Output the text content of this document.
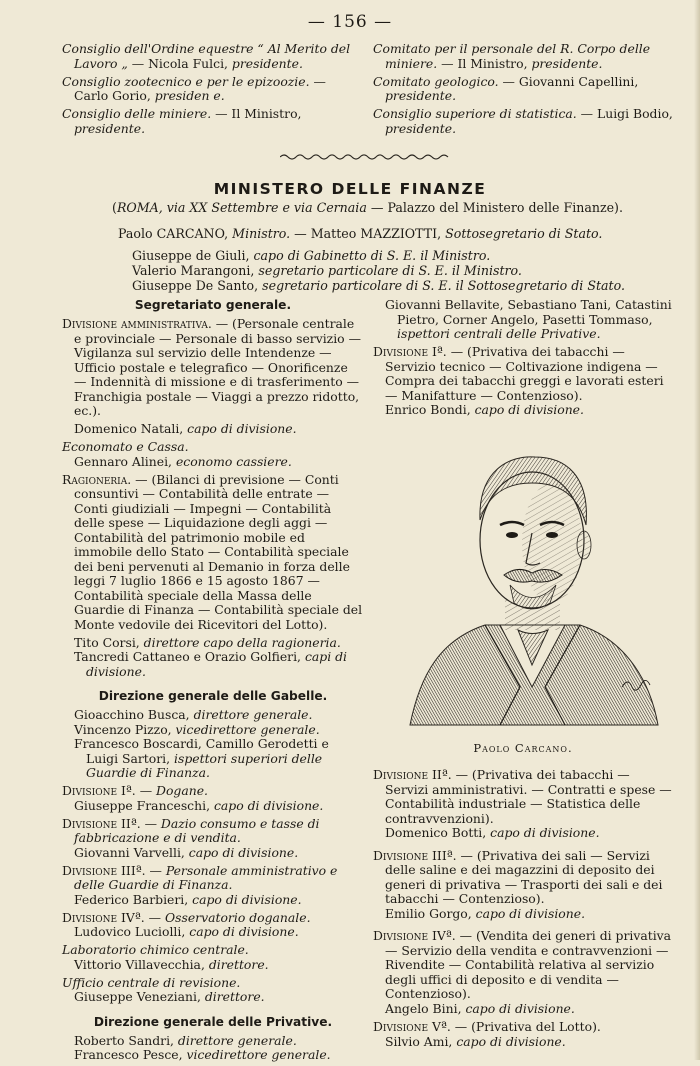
— 156 —

Consiglio dell'Ordine equestre “ Al Merito del Lavoro „ — Nicola Fulci, presidente.

Consiglio zootecnico e per le epizoozie. — Carlo Gorio, presiden e.

Consiglio delle miniere. — Il Ministro, presidente.

Comitato per il personale del R. Corpo delle miniere. — Il Ministro, presidente.

Comitato geologico. — Giovanni Capellini, presidente.

Consiglio superiore di statistica. — Luigi Bodio, presidente.

MINISTERO DELLE FINANZE
(ROMA, via XX Settembre e via Cernaia — Palazzo del Ministero delle Finanze).
Paolo CARCANO, Ministro. — Matteo MAZZIOTTI, Sottosegretario di Stato.
Giuseppe de Giuli, capo di Gabinetto di S. E. il Ministro.
Valerio Marangoni, segretario particolare di S. E. il Ministro.
Giuseppe De Santo, segretario particolare di S. E. il Sottosegretario di Stato.
Segretariato generale.

Divisione amministrativa. — (Personale centrale e provinciale — Personale di basso servizio — Vigilanza sul servizio delle Intendenze — Ufficio postale e telegrafico — Onorificenze — Indennità di missione e di trasferimento — Franchigia postale — Viaggi a prezzo ridotto, ec.).

Domenico Natali, capo di divisione.

Economato e Cassa.

Gennaro Alinei, economo cassiere.

Ragioneria. — (Bilanci di previsione — Conti consuntivi — Contabilità delle entrate — Conti giudiziali — Impegni — Contabilità delle spese — Liquidazione degli aggi — Contabilità del patrimonio mobile ed immobile dello Stato — Contabilità speciale dei beni pervenuti al Demanio in forza delle leggi 7 luglio 1866 e 15 agosto 1867 — Contabilità speciale della Massa delle Guardie di Finanza — Contabilità speciale del Monte vedovile dei Ricevitori del Lotto).

Tito Corsi, direttore capo della ragioneria.

Tancredi Cattaneo e Orazio Golfieri, capi di divisione.

Direzione generale delle Gabelle.

Gioacchino Busca, direttore generale.

Vincenzo Pizzo, vicedirettore generale.

Francesco Boscardi, Camillo Gerodetti e Luigi Sartori, ispettori superiori delle Guardie di Finanza.

Divisione Iª. — Dogane.

Giuseppe Franceschi, capo di divisione.

Divisione IIª. — Dazio consumo e tasse di fabbricazione e di vendita.

Giovanni Varvelli, capo di divisione.

Divisione IIIª. — Personale amministrativo e delle Guardie di Finanza.

Federico Barbieri, capo di divisione.

Divisione IVª. — Osservatorio doganale.

Ludovico Luciolli, capo di divisione.

Laboratorio chimico centrale.

Vittorio Villavecchia, direttore.

Ufficio centrale di revisione.

Giuseppe Veneziani, direttore.

Direzione generale delle Privative.

Roberto Sandri, direttore generale.

Francesco Pesce, vicedirettore generale.

Giovanni Bellavite, Sebastiano Tani, Catastini Pietro, Corner Angelo, Pasetti Tommaso, ispettori centrali delle Privative.

Divisione Iª. — (Privativa dei tabacchi — Servizio tecnico — Coltivazione indigena — Compra dei tabacchi greggi e lavorati esteri — Manifatture — Contenzioso).

Enrico Bondi, capo di divisione.

Paolo Carcano.

Divisione IIª. — (Privativa dei tabacchi — Servizi amministrativi. — Contratti e spese — Contabilità industriale — Statistica delle contravvenzioni).

Domenico Botti, capo di divisione.

Divisione IIIª. — (Privativa dei sali — Servizi delle saline e dei magazzini di deposito dei generi di privativa — Trasporti dei sali e dei tabacchi — Contenzioso).

Emilio Gorgo, capo di divisione.

Divisione IVª. — (Vendita dei generi di privativa — Servizio della vendita e contravvenzioni — Rivendite — Contabilità relativa al servizio degli uffici di deposito e di vendita — Contenzioso).

Angelo Bini, capo di divisione.

Divisione Vª. — (Privativa del Lotto).

Silvio Ami, capo di divisione.
